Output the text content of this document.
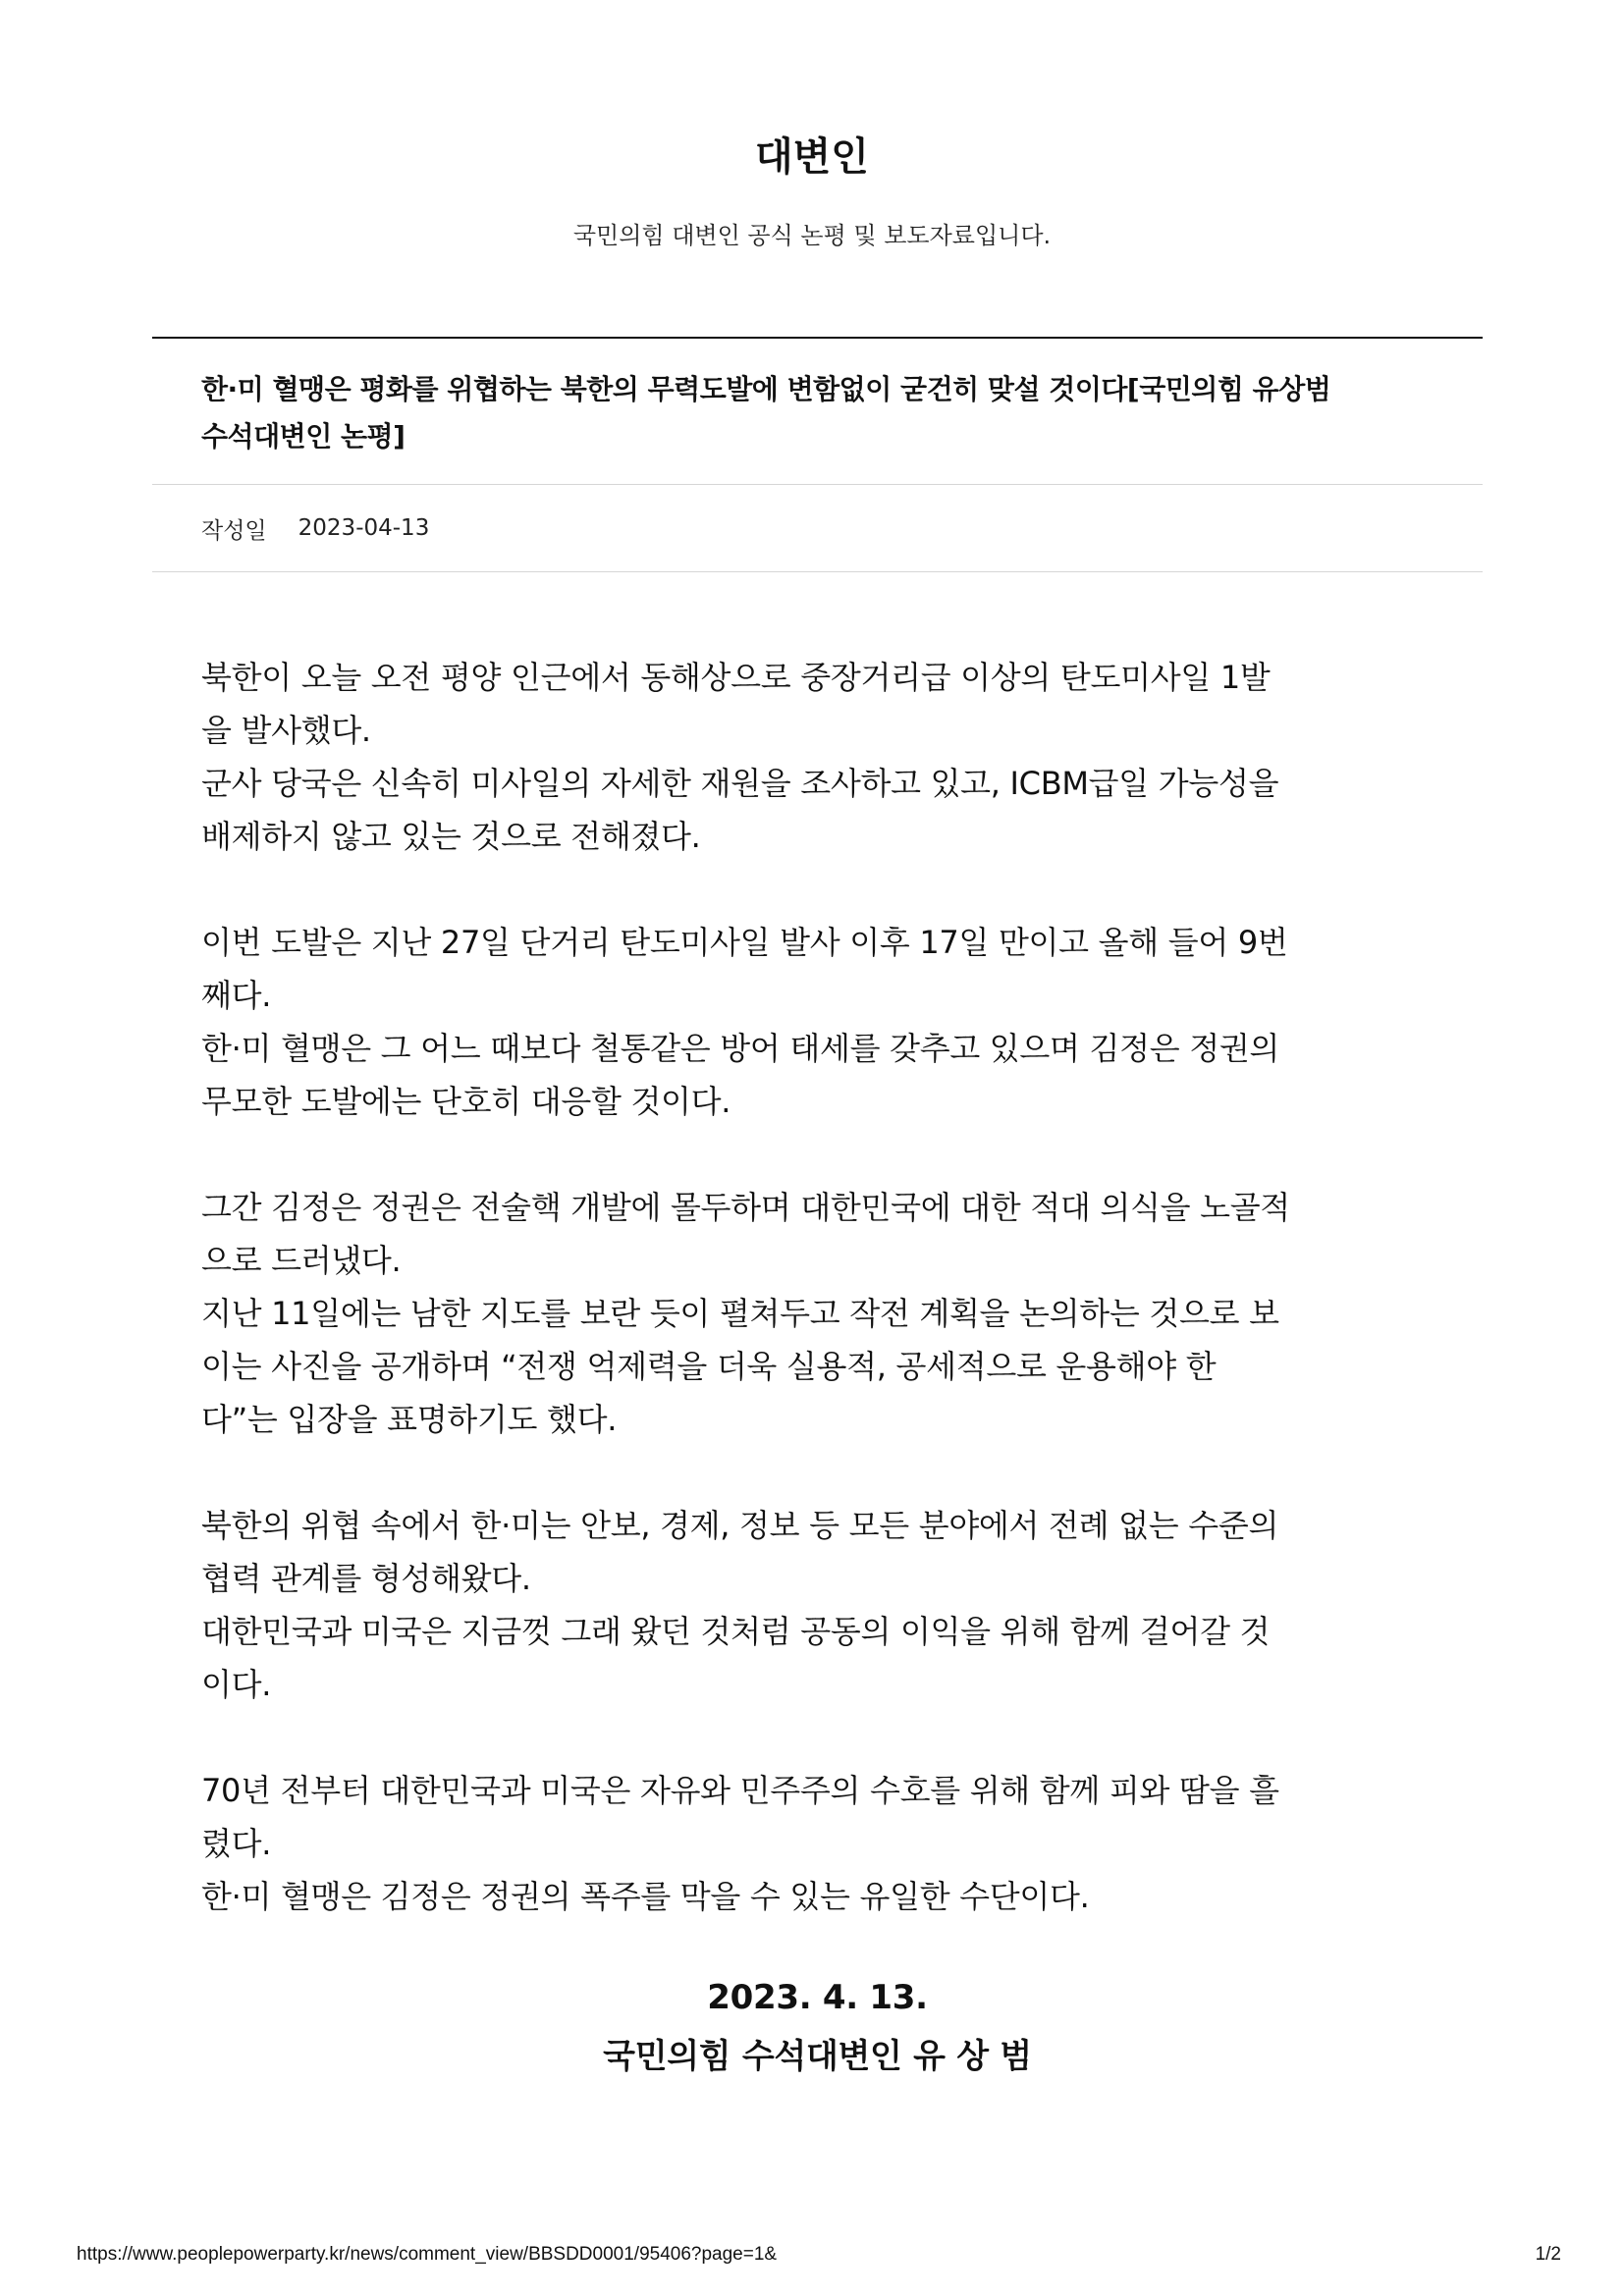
대변인

국민의힘 대변인 공식 논평 및 보도자료입니다.

한·미 혈맹은 평화를 위협하는 북한의 무력도발에 변함없이 굳건히 맞설 것이다[국민의힘 유상범
수석대변인 논평]
작성일 2023-04-13

북한이 오늘 오전 평양 인근에서 동해상으로 중장거리급 이상의 탄도미사일 1발
을 발사했다.
군사 당국은 신속히 미사일의 자세한 재원을 조사하고 있고, ICBM급일 가능성을
배제하지 않고 있는 것으로 전해졌다.

이번 도발은 지난 27일 단거리 탄도미사일 발사 이후 17일 만이고 올해 들어 9번
째다.
한·미 혈맹은 그 어느 때보다 철통같은 방어 태세를 갖추고 있으며 김정은 정권의
무모한 도발에는 단호히 대응할 것이다.

그간 김정은 정권은 전술핵 개발에 몰두하며 대한민국에 대한 적대 의식을 노골적
으로 드러냈다.
지난 11일에는 남한 지도를 보란 듯이 펼쳐두고 작전 계획을 논의하는 것으로 보
이는 사진을 공개하며 “전쟁 억제력을 더욱 실용적, 공세적으로 운용해야 한
다”는 입장을 표명하기도 했다.

북한의 위협 속에서 한·미는 안보, 경제, 정보 등 모든 분야에서 전례 없는 수준의
협력 관계를 형성해왔다.
대한민국과 미국은 지금껏 그래 왔던 것처럼 공동의 이익을 위해 함께 걸어갈 것
이다.

70년 전부터 대한민국과 미국은 자유와 민주주의 수호를 위해 함께 피와 땀을 흘
렸다.
한·미 혈맹은 김정은 정권의 폭주를 막을 수 있는 유일한 수단이다.

2023. 4. 13.
국민의힘 수석대변인 유 상 범
https://www.peoplepowerparty.kr/news/comment_view/BBSDD0001/95406?page=1&	1/2
